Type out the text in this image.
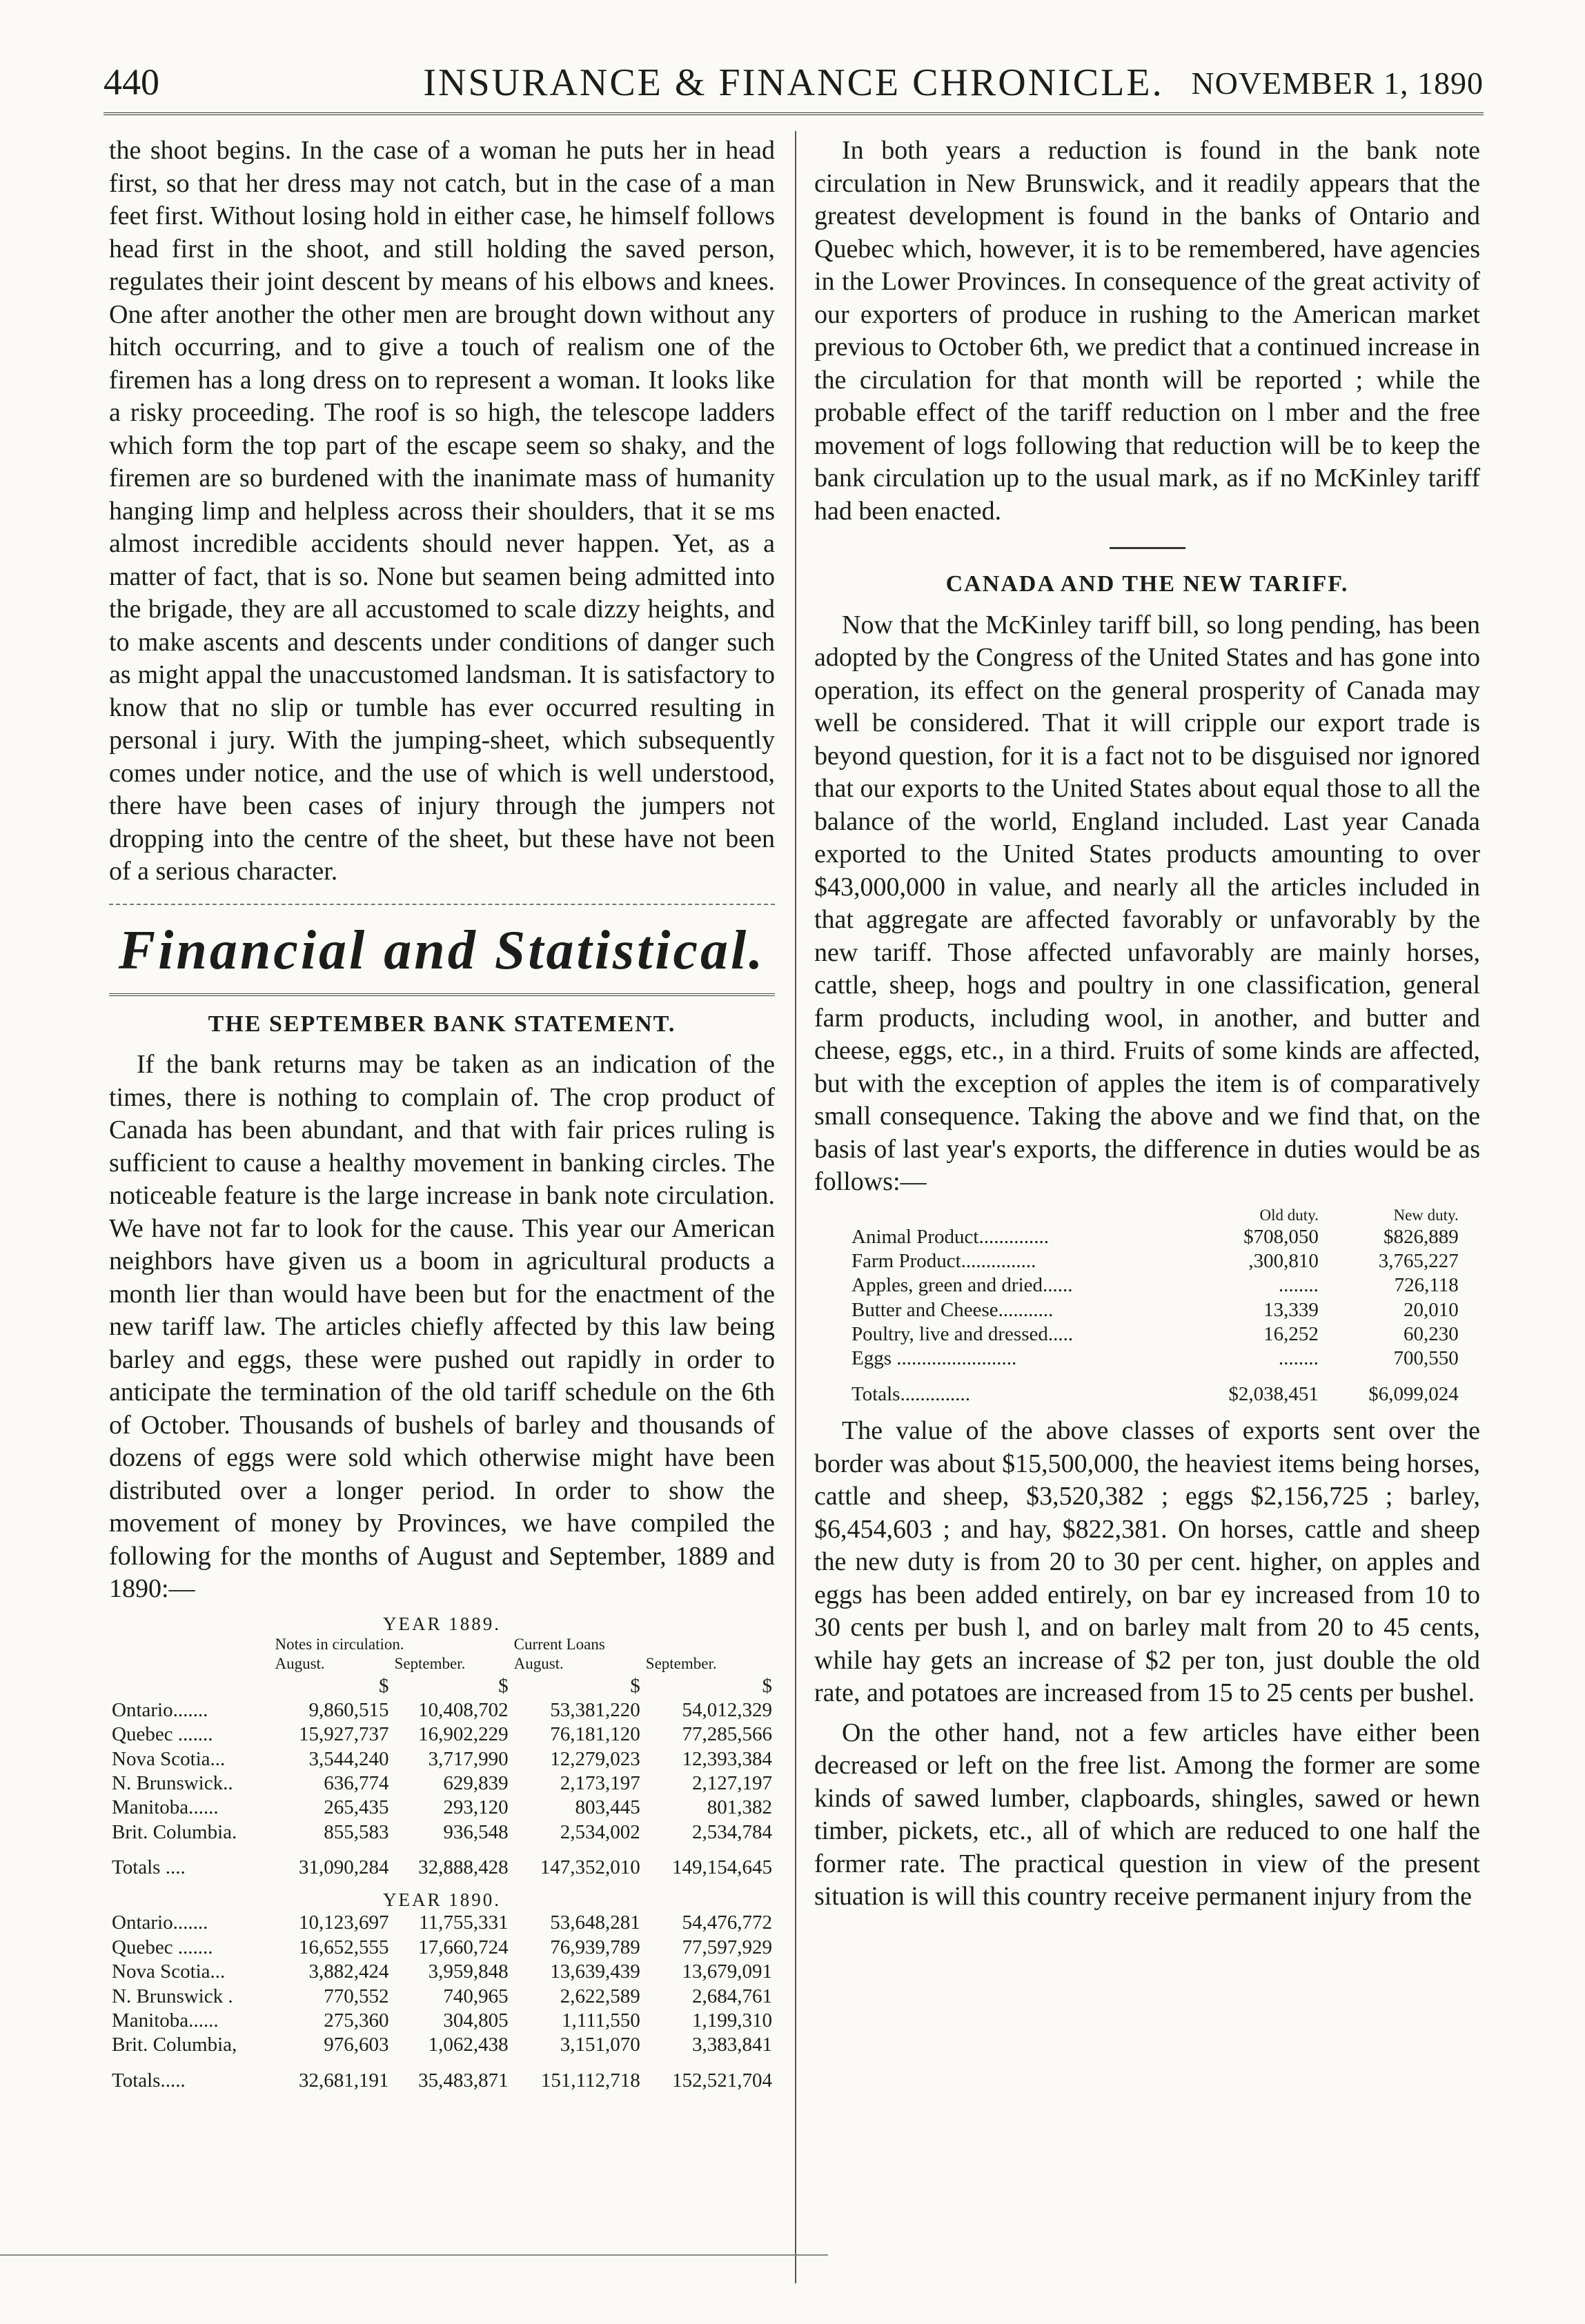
440	INSURANCE & FINANCE CHRONICLE. NOVEMBER 1, 1890

the shoot begins. In the case of a woman he puts her in head first, so that her dress may not catch, but in the case of a man feet first. Without losing hold in either case, he himself follows head first in the shoot, and still holding the saved person, regulates their joint descent by means of his elbows and knees. One after another the other men are brought down without any hitch occurring, and to give a touch of realism one of the firemen has a long dress on to represent a woman. It looks like a risky proceeding. The roof is so high, the telescope ladders which form the top part of the escape seem so shaky, and the firemen are so burdened with the inanimate mass of humanity hanging limp and helpless across their shoulders, that it se ms almost incredible accidents should never happen. Yet, as a matter of fact, that is so. None but seamen being admitted into the brigade, they are all accustomed to scale dizzy heights, and to make ascents and descents under conditions of danger such as might appal the unaccustomed landsman. It is satisfactory to know that no slip or tumble has ever occurred resulting in personal i jury. With the jumping-sheet, which subsequently comes under notice, and the use of which is well understood, there have been cases of injury through the jumpers not dropping into the centre of the sheet, but these have not been of a serious character.

Financial and Statistical.
THE SEPTEMBER BANK STATEMENT.

If the bank returns may be taken as an indication of the times, there is nothing to complain of. The crop product of Canada has been abundant, and that with fair prices ruling is sufficient to cause a healthy movement in banking circles. The noticeable feature is the large increase in bank note circulation. We have not far to look for the cause. This year our American neighbors have given us a boom in agricultural products a month lier than would have been but for the enactment of the new tariff law. The articles chiefly affected by this law being barley and eggs, these were pushed out rapidly in order to anticipate the termination of the old tariff schedule on the 6th of October. Thousands of bushels of barley and thousands of dozens of eggs were sold which otherwise might have been distributed over a longer period. In order to show the movement of money by Provinces, we have compiled the following for the months of August and September, 1889 and 1890:—

YEAR 1889.				
	Notes in circulation.		Current Loans	
	August.	September.	August.	September.
	$	$	$	$
Ontario.......	9,860,515	10,408,702	53,381,220	54,012,329
Quebec .......	15,927,737	16,902,229	76,181,120	77,285,566
Nova Scotia...	3,544,240	3,717,990	12,279,023	12,393,384
N. Brunswick..	636,774	629,839	2,173,197	2,127,197
Manitoba......	265,435	293,120	803,445	801,382
Brit. Columbia.	855,583	936,548	2,534,002	2,534,784
Totals ....	31,090,284	32,888,428	147,352,010	149,154,645
YEAR 1890.				
Ontario.......	10,123,697	11,755,331	53,648,281	54,476,772
Quebec .......	16,652,555	17,660,724	76,939,789	77,597,929
Nova Scotia...	3,882,424	3,959,848	13,639,439	13,679,091
N. Brunswick .	770,552	740,965	2,622,589	2,684,761
Manitoba......	275,360	304,805	1,111,550	1,199,310
Brit. Columbia,	976,603	1,062,438	3,151,070	3,383,841
Totals.....	32,681,191	35,483,871	151,112,718	152,521,704

In both years a reduction is found in the bank note circulation in New Brunswick, and it readily appears that the greatest development is found in the banks of Ontario and Quebec which, however, it is to be remembered, have agencies in the Lower Provinces. In consequence of the great activity of our exporters of produce in rushing to the American market previous to October 6th, we predict that a continued increase in the circulation for that month will be reported ; while the probable effect of the tariff reduction on l mber and the free movement of logs following that reduction will be to keep the bank circulation up to the usual mark, as if no McKinley tariff had been enacted.

CANADA AND THE NEW TARIFF.

Now that the McKinley tariff bill, so long pending, has been adopted by the Congress of the United States and has gone into operation, its effect on the general prosperity of Canada may well be considered. That it will cripple our export trade is beyond question, for it is a fact not to be disguised nor ignored that our exports to the United States about equal those to all the balance of the world, England included. Last year Canada exported to the United States products amounting to over $43,000,000 in value, and nearly all the articles included in that aggregate are affected favorably or unfavorably by the new tariff. Those affected unfavorably are mainly horses, cattle, sheep, hogs and poultry in one classification, general farm products, including wool, in another, and butter and cheese, eggs, etc., in a third. Fruits of some kinds are affected, but with the exception of apples the item is of comparatively small consequence. Taking the above and we find that, on the basis of last year's exports, the difference in duties would be as follows:—

	Old duty.	New duty.
Animal Product..............	$708,050	$826,889
Farm Product...............	,300,810	3,765,227
Apples, green and dried......	........	726,118
Butter and Cheese...........	13,339	20,010
Poultry, live and dressed.....	16,252	60,230
Eggs ........................	........	700,550
Totals..............	$2,038,451	$6,099,024

The value of the above classes of exports sent over the border was about $15,500,000, the heaviest items being horses, cattle and sheep, $3,520,382 ; eggs $2,156,725 ; barley, $6,454,603 ; and hay, $822,381. On horses, cattle and sheep the new duty is from 20 to 30 per cent. higher, on apples and eggs has been added entirely, on bar ey increased from 10 to 30 cents per bush l, and on barley malt from 20 to 45 cents, while hay gets an increase of $2 per ton, just double the old rate, and potatoes are increased from 15 to 25 cents per bushel.

On the other hand, not a few articles have either been decreased or left on the free list. Among the former are some kinds of sawed lumber, clapboards, shingles, sawed or hewn timber, pickets, etc., all of which are reduced to one half the former rate. The practical question in view of the present situation is will this country receive permanent injury from the
